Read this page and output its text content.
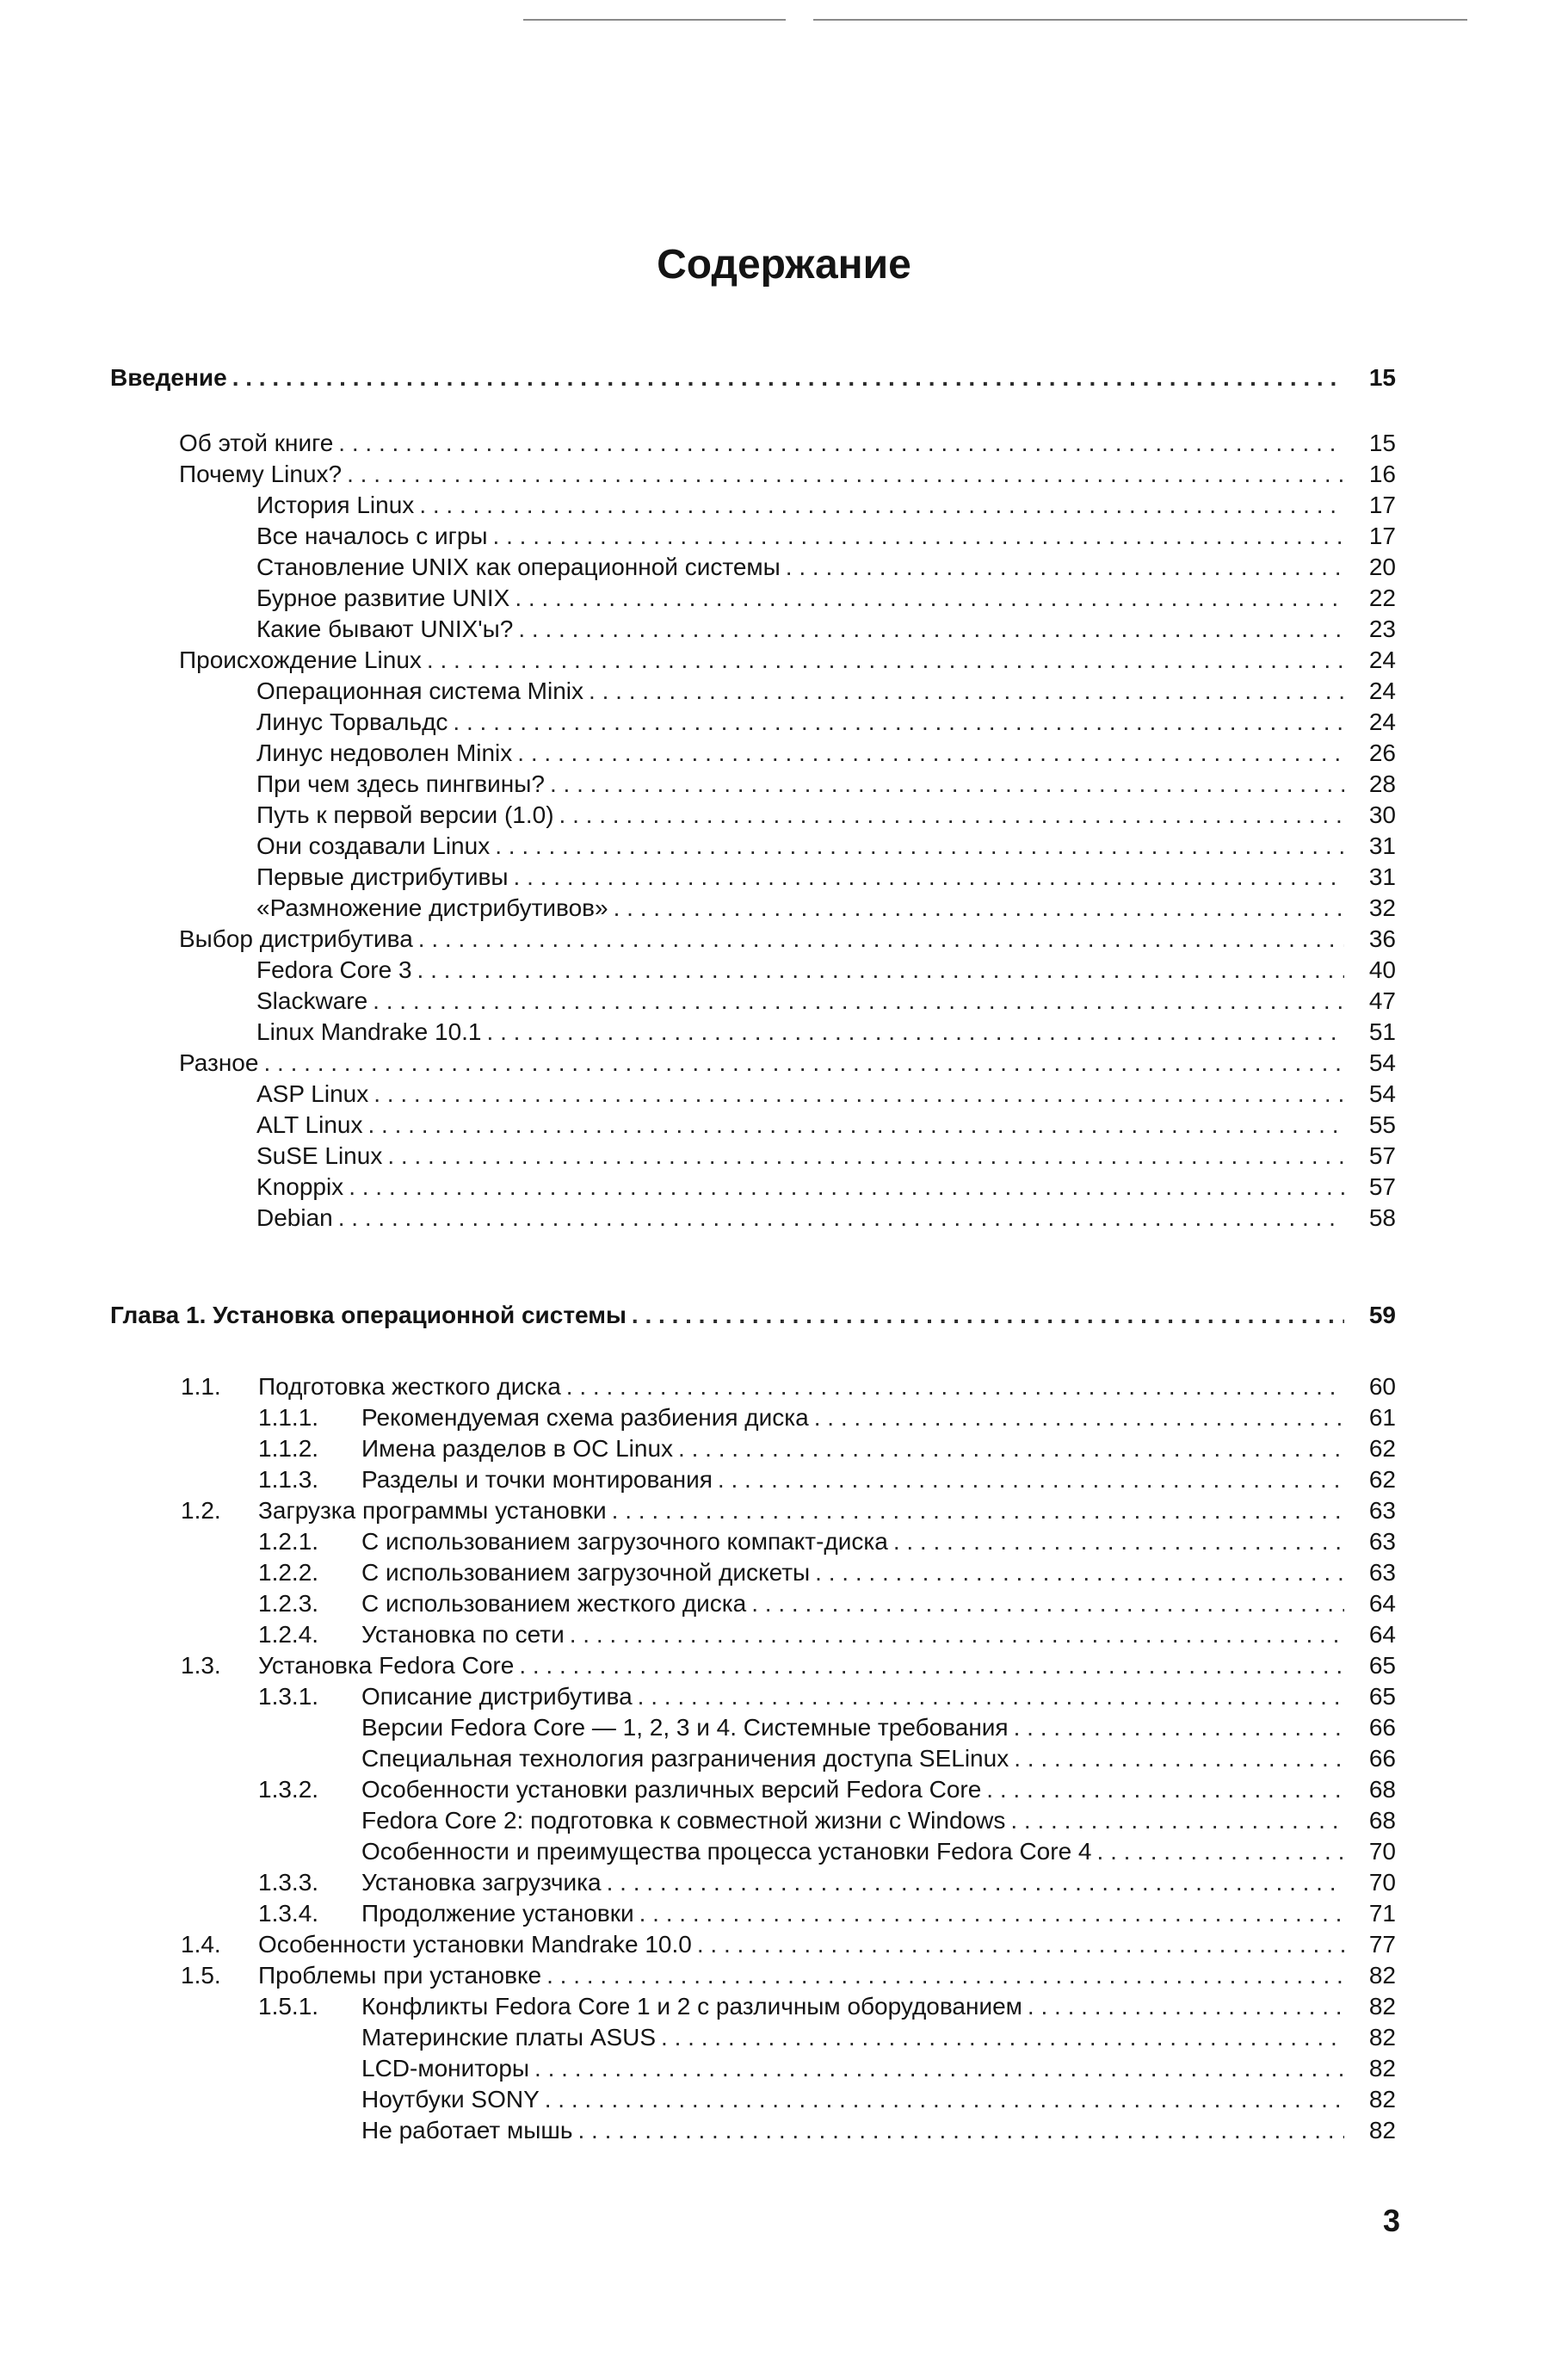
Содержание
Введение . . .	15
Об этой книге . . .	15
Почему Linux? . . .	16
История Linux . . .	17
Все началось с игры . . .	17
Становление UNIX как операционной системы . . .	20
Бурное развитие UNIX . . .	22
Какие бывают UNIX'ы? . . .	23
Происхождение Linux . . .	24
Операционная система Minix . . .	24
Линус Торвальдс . . .	24
Линус недоволен Minix . . .	26
При чем здесь пингвины? . . .	28
Путь к первой версии (1.0) . . .	30
Они создавали Linux . . .	31
Первые дистрибутивы . . .	31
«Размножение дистрибутивов» . . .	32
Выбор дистрибутива . . .	36
Fedora Core 3 . . .	40
Slackware . . .	47
Linux Mandrake 10.1 . . .	51
Разное . . .	54
ASP Linux . . .	54
ALT Linux . . .	55
SuSE Linux . . .	57
Knoppix . . .	57
Debian . . .	58
Глава 1. Установка операционной системы . . .	59
1.1. Подготовка жесткого диска . . .	60
1.1.1. Рекомендуемая схема разбиения диска . . .	61
1.1.2. Имена разделов в ОС Linux . . .	62
1.1.3. Разделы и точки монтирования . . .	62
1.2. Загрузка программы установки . . .	63
1.2.1. С использованием загрузочного компакт-диска . . .	63
1.2.2. С использованием загрузочной дискеты . . .	63
1.2.3. С использованием жесткого диска . . .	64
1.2.4. Установка по сети . . .	64
1.3. Установка Fedora Core . . .	65
1.3.1. Описание дистрибутива . . .	65
Версии Fedora Core — 1, 2, 3 и 4. Системные требования . . .	66
Специальная технология разграничения доступа SELinux . . .	66
1.3.2. Особенности установки различных версий Fedora Core . . .	68
Fedora Core 2: подготовка к совместной жизни с Windows . . .	68
Особенности и преимущества процесса установки Fedora Core 4 . . .	70
1.3.3. Установка загрузчика . . .	70
1.3.4. Продолжение установки . . .	71
1.4. Особенности установки Mandrake 10.0 . . .	77
1.5. Проблемы при установке . . .	82
1.5.1. Конфликты Fedora Core 1 и 2 с различным оборудованием . . .	82
Материнские платы ASUS . . .	82
LCD-мониторы . . .	82
Ноутбуки SONY . . .	82
Не работает мышь . . .	82
3
